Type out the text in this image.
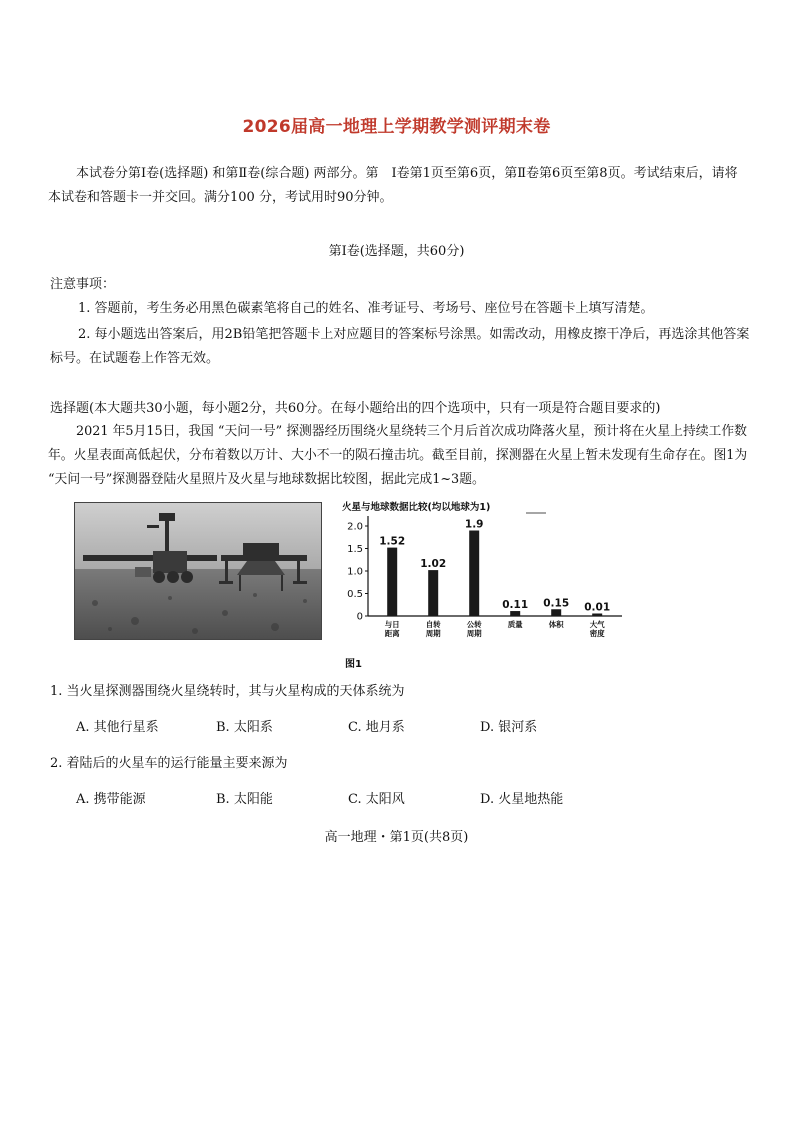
2026届高一地理上学期教学测评期末卷
本试卷分第Ⅰ卷(选择题) 和第Ⅱ卷(综合题) 两部分。第　Ⅰ卷第1页至第6页，第Ⅱ卷第6页至第8页。考试结束后，请将本试卷和答题卡一并交回。满分100 分，考试用时90分钟。
第Ⅰ卷(选择题，共60分)
注意事项：
1. 答题前，考生务必用黑色碳素笔将自己的姓名、准考证号、考场号、座位号在答题卡上填写清楚。
2. 每小题选出答案后，用2B铅笔把答题卡上对应题目的答案标号涂黑。如需改动，用橡皮擦干净后，再选涂其他答案标号。在试题卷上作答无效。
选择题(本大题共30小题，每小题2分，共60分。在每小题给出的四个选项中，只有一项是符合题目要求的)
2021 年5月15日，我国 “天问一号” 探测器经历围绕火星绕转三个月后首次成功降落火星，预计将在火星上持续工作数年。火星表面高低起伏，分布着数以万计、大小不一的陨石撞击坑。截至目前，探测器在火星上暂未发现有生命存在。图1为 “天问一号”探测器登陆火星照片及火星与地球数据比较图，据此完成1~3题。
火星与地球数据比较(均以地球为1)
0
0.5
1.0
1.5
2.0
1.52
与日
距离
1.02
自转
周期
1.9
公转
周期
0.11
质量
0.15
体积
0.01
大气
密度
图1
1. 当火星探测器围绕火星绕转时，其与火星构成的天体系统为
A. 其他行星系	B. 太阳系	C. 地月系	D. 银河系
2. 着陆后的火星车的运行能量主要来源为
A. 携带能源	B. 太阳能	C. 太阳风	D. 火星地热能
高一地理・第1页(共8页)
